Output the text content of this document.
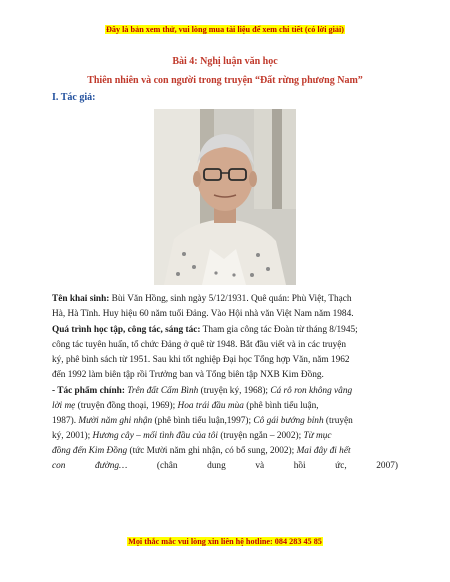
Đây là bản xem thử, vui lòng mua tài liệu để xem chi tiết (có lời giải)
Bài 4: Nghị luận văn học
Thiên nhiên và con người trong truyện “Đất rừng phương Nam”
I. Tác giả:
Tên khai sinh: Bùi Văn Hồng, sinh ngày 5/12/1931. Quê quán: Phù Việt, Thạch
Hà, Hà Tĩnh. Huy hiệu 60 năm tuổi Đảng. Vào Hội nhà văn Việt Nam năm 1984.
Quá trình học tập, công tác, sáng tác: Tham gia công tác Đoàn từ tháng 8/1945;
công tác tuyên huấn, tổ chức Đảng ở quê từ 1948. Bắt đầu viết và in các truyện
ký, phê bình sách từ 1951. Sau khi tốt nghiệp Đại học Tổng hợp Văn, năm 1962
đến 1992 làm biên tập rồi Trưởng ban và Tổng biên tập NXB Kim Đồng.
- Tác phẩm chính: Trên đất Cẩm Bình (truyện ký, 1968); Cá rô ron không vâng
lời mẹ (truyện đồng thoại, 1969); Hoa trái đầu mùa (phê bình tiểu luận,
1987). Mười năm ghi nhận (phê bình tiểu luận,1997); Cô gái bướng bỉnh (truyện
ký, 2001); Hương cây – mối tình đầu của tôi (truyện ngắn – 2002); Từ mục
đồng đến Kim Đồng (tức Mười năm ghi nhận, có bổ sung, 2002); Mai đây đi hết
con	đường…	(chân	dung	và	hồi	ức,	2007)
Mọi thắc mắc vui lòng xin liên hệ hotline: 084 283 45 85
